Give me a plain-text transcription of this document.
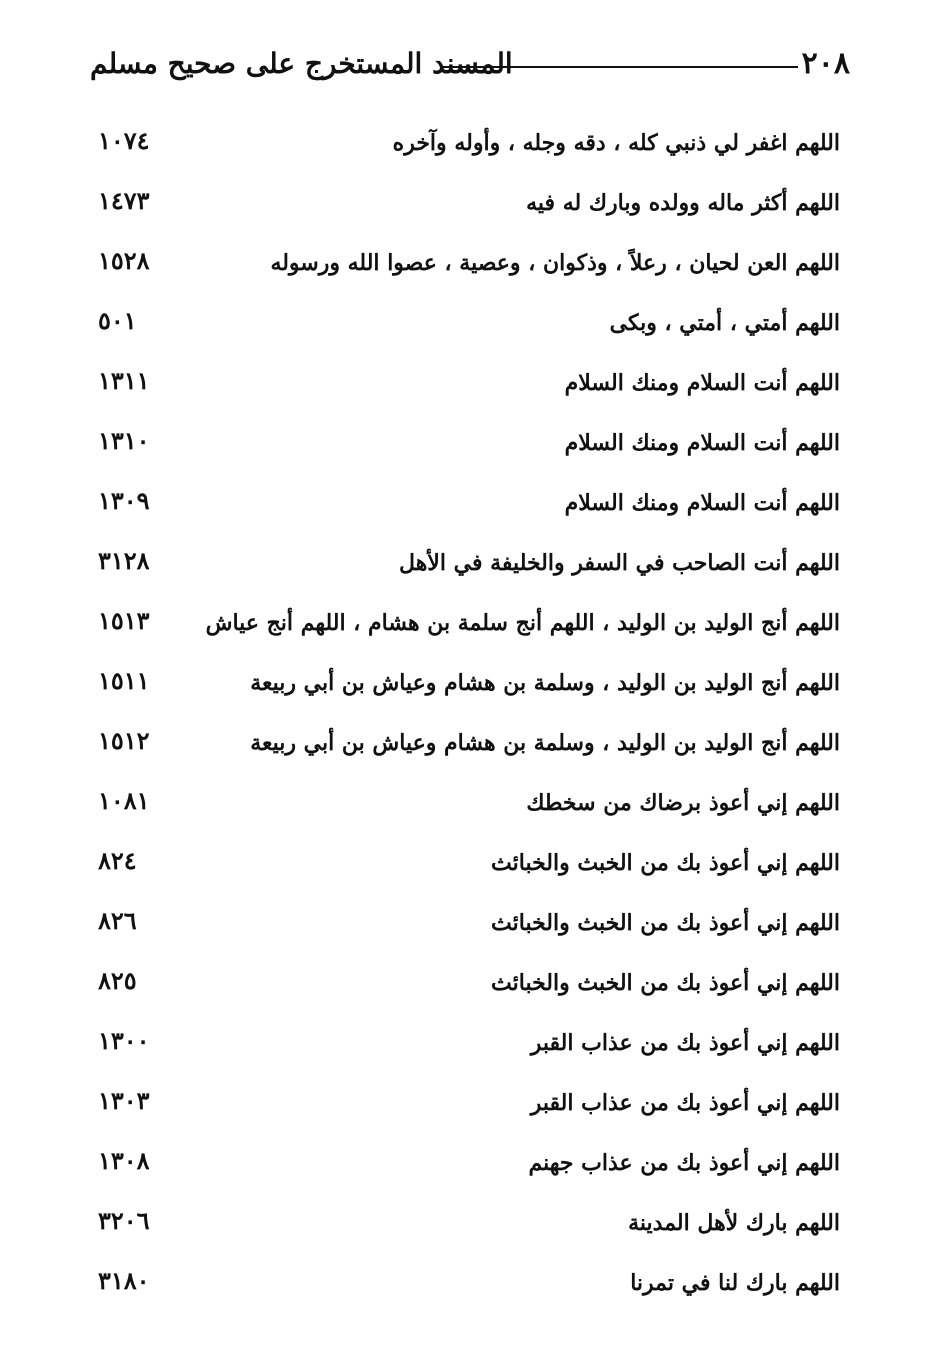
٢٠٨
المسند المستخرج على صحيح مسلم
اللهم اغفر لي ذنبي كله ، دقه وجله ، وأوله وآخره
١٠٧٤
اللهم أكثر ماله وولده وبارك له فيه
١٤٧٣
اللهم العن لحيان ، رعلاً ، وذكوان ، وعصية ، عصوا الله ورسوله
١٥٢٨
اللهم أمتي ، أمتي ، وبكى
٥٠١
اللهم أنت السلام ومنك السلام
١٣١١
اللهم أنت السلام ومنك السلام
١٣١٠
اللهم أنت السلام ومنك السلام
١٣٠٩
اللهم أنت الصاحب في السفر والخليفة في الأهل
٣١٢٨
اللهم أنج الوليد بن الوليد ، اللهم أنج سلمة بن هشام ، اللهم أنج عياش
١٥١٣
اللهم أنج الوليد بن الوليد ، وسلمة بن هشام وعياش بن أبي ربيعة
١٥١١
اللهم أنج الوليد بن الوليد ، وسلمة بن هشام وعياش بن أبي ربيعة
١٥١٢
اللهم إني أعوذ برضاك من سخطك
١٠٨١
اللهم إني أعوذ بك من الخبث والخبائث
٨٢٤
اللهم إني أعوذ بك من الخبث والخبائث
٨٢٦
اللهم إني أعوذ بك من الخبث والخبائث
٨٢٥
اللهم إني أعوذ بك من عذاب القبر
١٣٠٠
اللهم إني أعوذ بك من عذاب القبر
١٣٠٣
اللهم إني أعوذ بك من عذاب جهنم
١٣٠٨
اللهم بارك لأهل المدينة
٣٢٠٦
اللهم بارك لنا في تمرنا
٣١٨٠
